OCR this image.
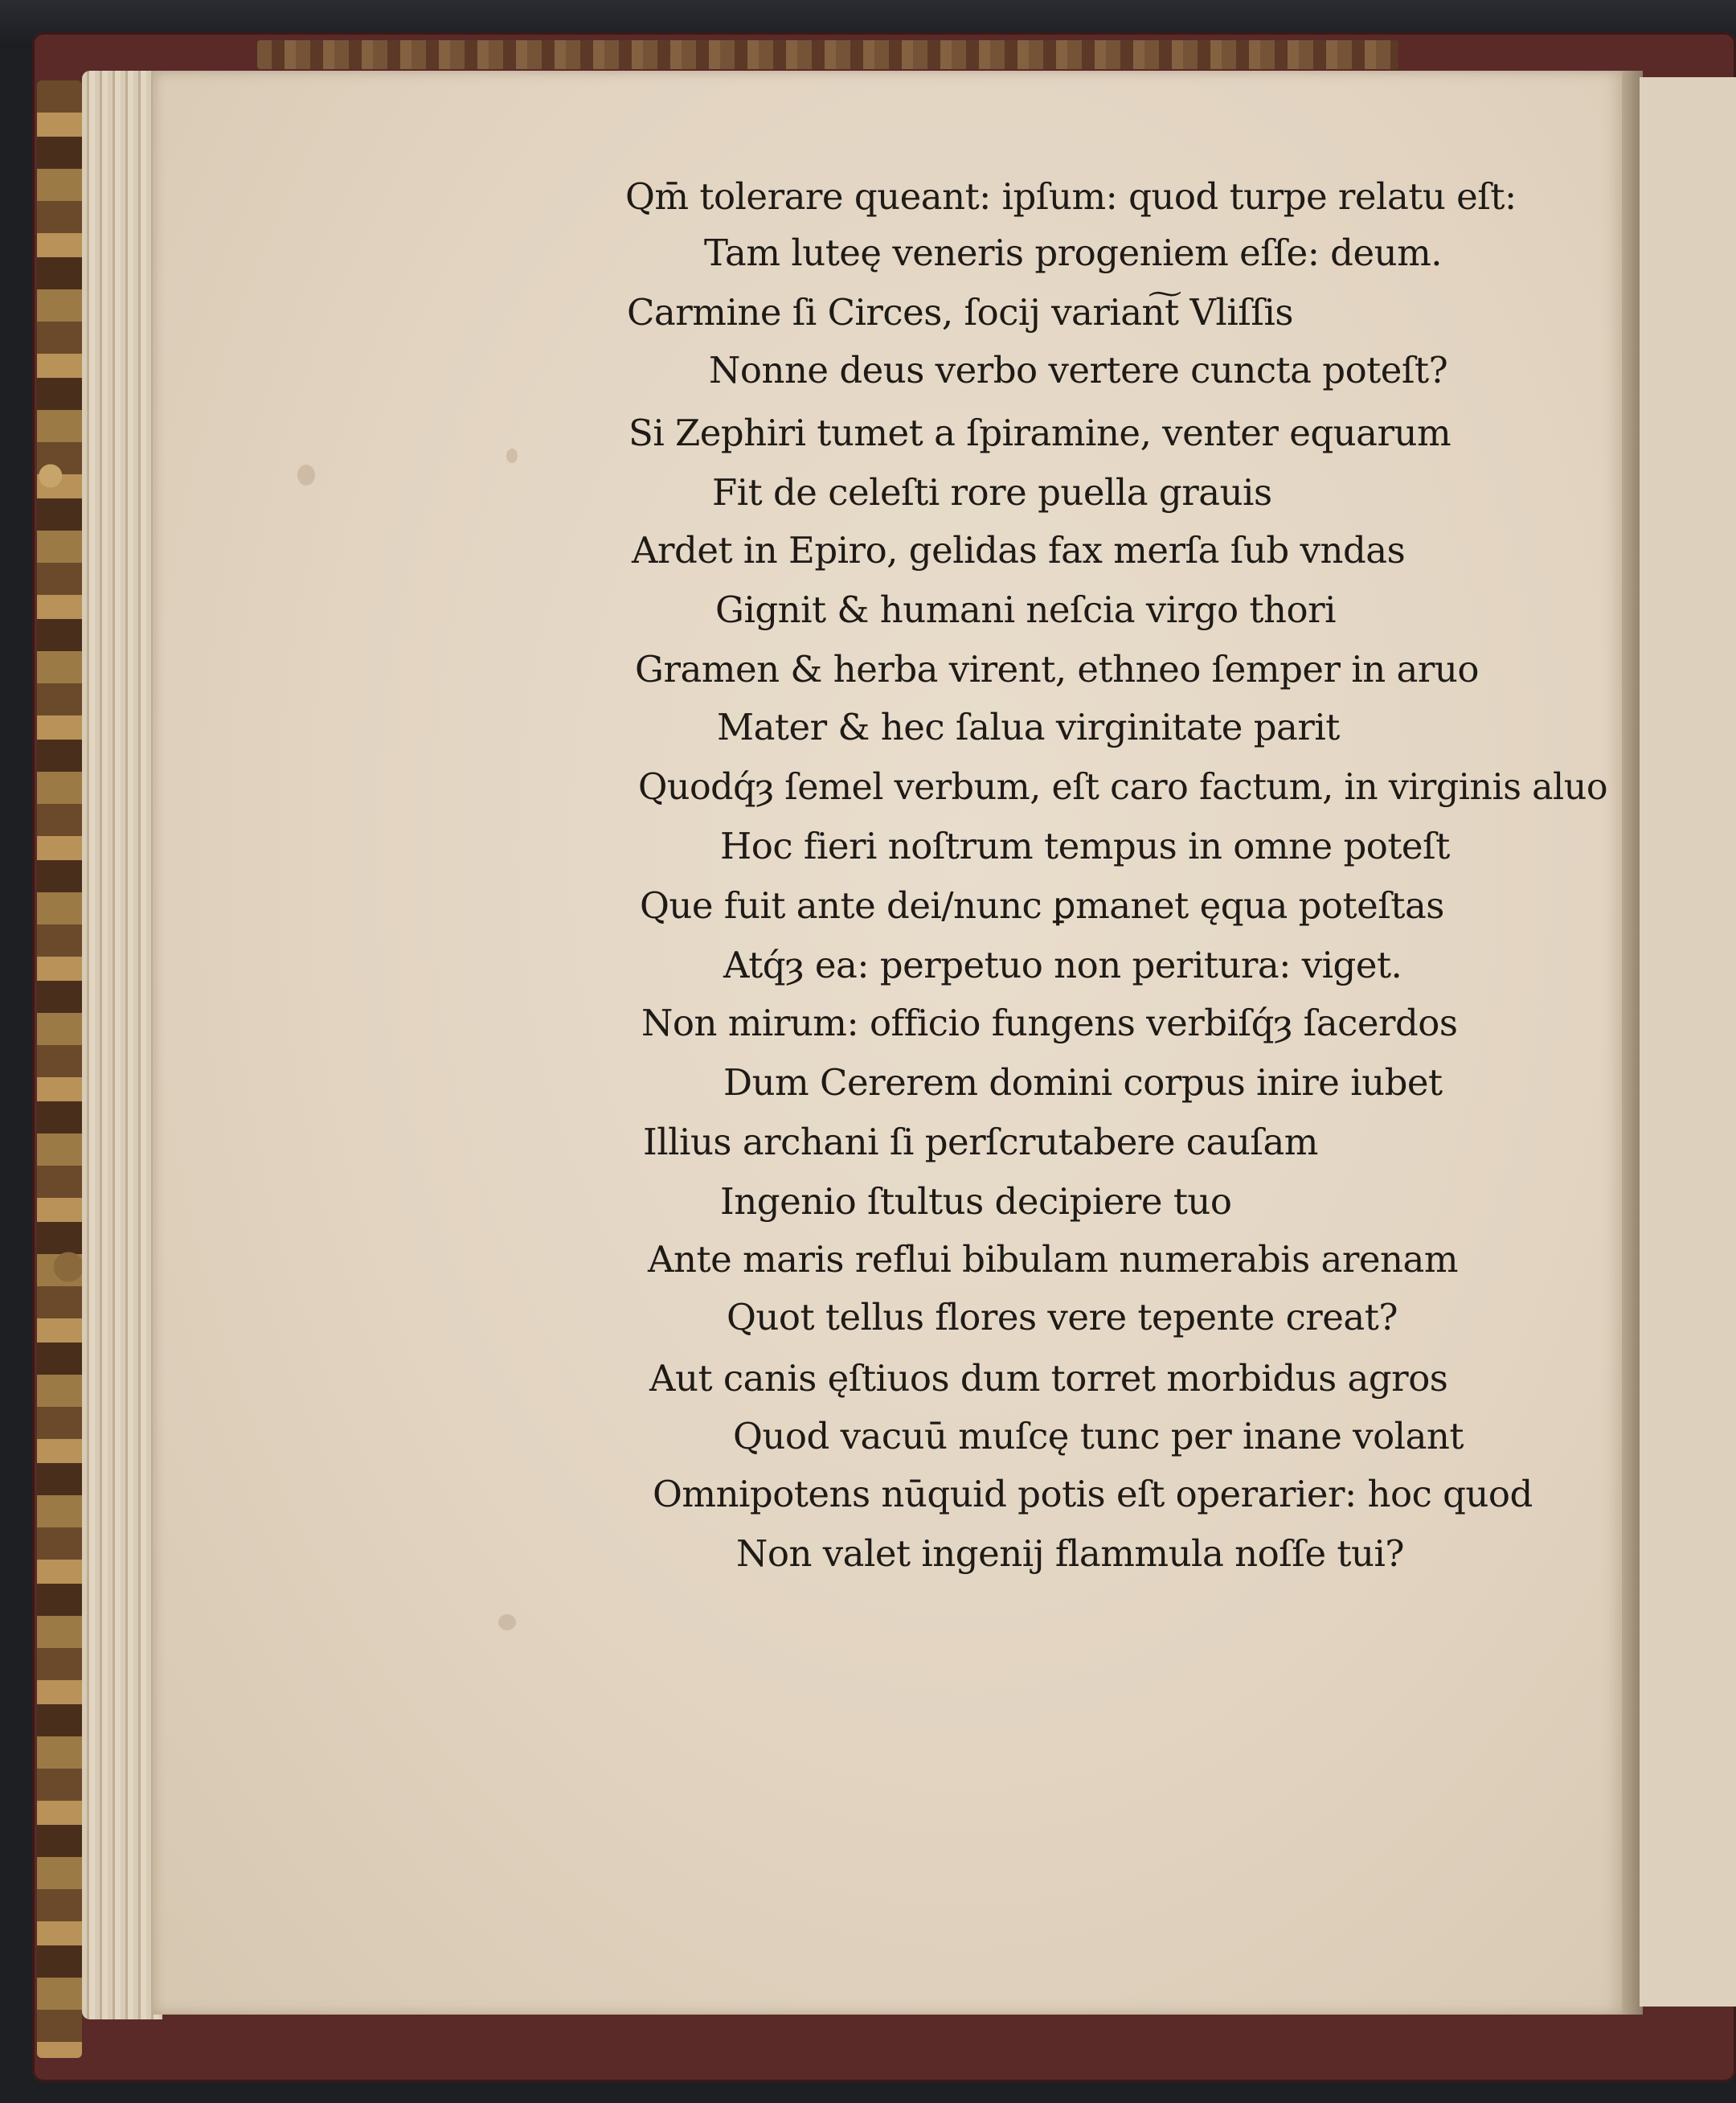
Qm̄ tolerare queant: ipſum: quod turpe relatu eſt:
Tam luteę veneris progeniem eſſe: deum.
Carmine ſi Circes, ſocij varian͠t Vliſſis
Nonne deus verbo vertere cuncta poteſt?
Si Zephiri tumet a ſpiramine, venter equarum
Fit de celeſti rore puella grauis
Ardet in Epiro, gelidas fax merſa ſub vndas
Gignit & humani neſcia virgo thori
Gramen & herba virent, ethneo ſemper in aruo
Mater & hec ſalua virginitate parit
Quodq́ȝ ſemel verbum, eſt caro factum, in virginis aluo
Hoc fieri noſtrum tempus in omne poteſt
Que fuit ante dei/nunc ꝑmanet ęqua poteſtas
Atq́ȝ ea: perpetuo non peritura: viget.
Non mirum: officio fungens verbiſq́ȝ ſacerdos
Dum Cererem domini corpus inire iubet
Illius archani ſi perſcrutabere cauſam
Ingenio ſtultus decipiere tuo
Ante maris reflui bibulam numerabis arenam
Quot tellus flores vere tepente creat?
Aut canis ęſtiuos dum torret morbidus agros
Quod vacuū muſcę tunc per inane volant
Omnipotens nūquid potis eſt operarier: hoc quod
Non valet ingenij flammula noſſe tui?
